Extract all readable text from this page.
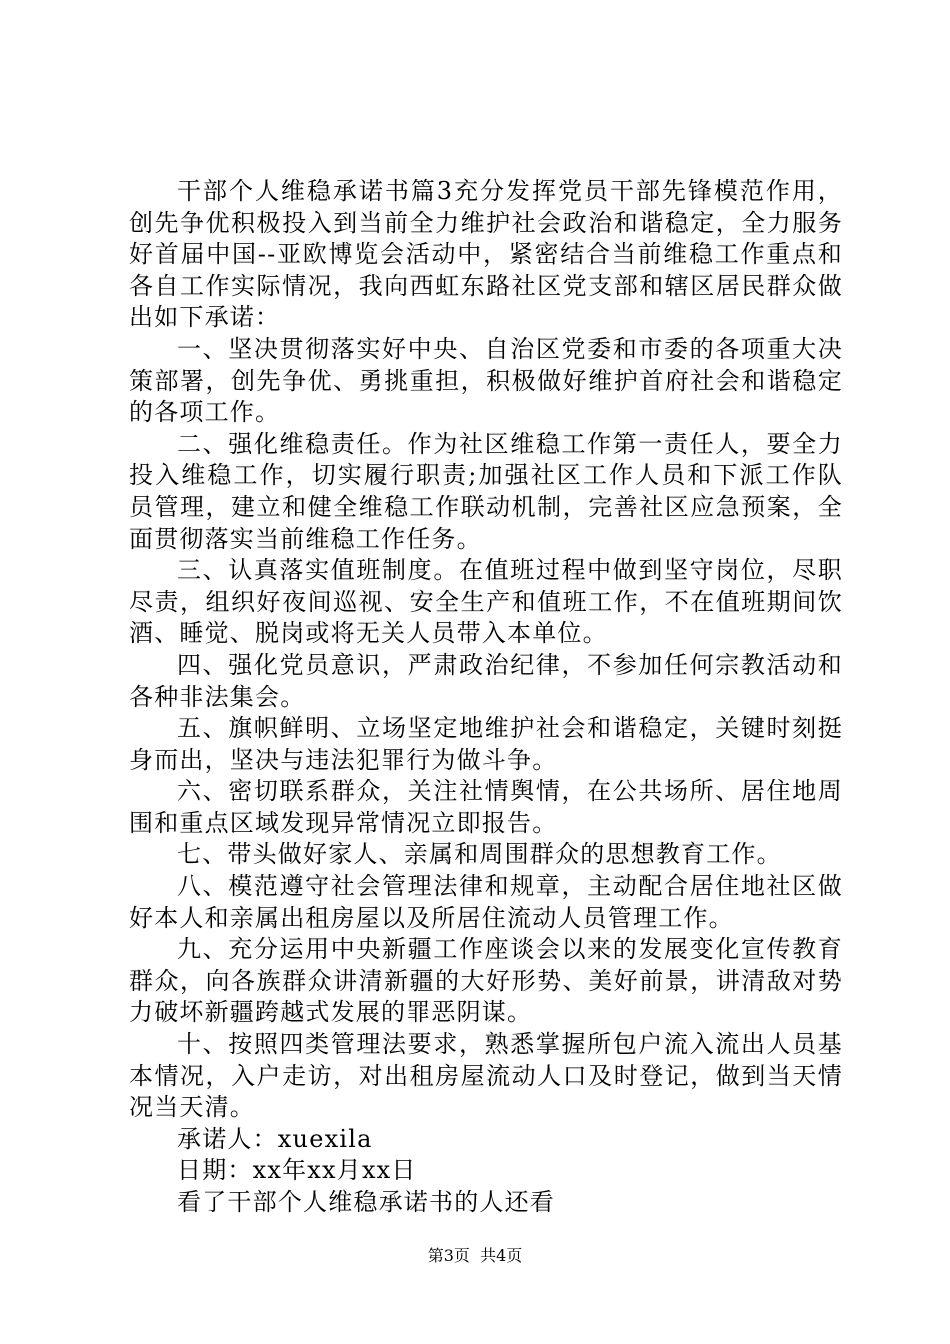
干部个人维稳承诺书篇3充分发挥党员干部先锋模范作用，创先争优积极投入到当前全力维护社会政治和谐稳定，全力服务好首届中国--亚欧博览会活动中，紧密结合当前维稳工作重点和各自工作实际情况，我向西虹东路社区党支部和辖区居民群众做出如下承诺：

一、坚决贯彻落实好中央、自治区党委和市委的各项重大决策部署，创先争优、勇挑重担，积极做好维护首府社会和谐稳定的各项工作。

二、强化维稳责任。作为社区维稳工作第一责任人，要全力投入维稳工作，切实履行职责;加强社区工作人员和下派工作队员管理，建立和健全维稳工作联动机制，完善社区应急预案，全面贯彻落实当前维稳工作任务。

三、认真落实值班制度。在值班过程中做到坚守岗位，尽职尽责，组织好夜间巡视、安全生产和值班工作，不在值班期间饮酒、睡觉、脱岗或将无关人员带入本单位。

四、强化党员意识，严肃政治纪律，不参加任何宗教活动和各种非法集会。

五、旗帜鲜明、立场坚定地维护社会和谐稳定，关键时刻挺身而出，坚决与违法犯罪行为做斗争。

六、密切联系群众，关注社情舆情，在公共场所、居住地周围和重点区域发现异常情况立即报告。

七、带头做好家人、亲属和周围群众的思想教育工作。

八、模范遵守社会管理法律和规章，主动配合居住地社区做好本人和亲属出租房屋以及所居住流动人员管理工作。

九、充分运用中央新疆工作座谈会以来的发展变化宣传教育群众，向各族群众讲清新疆的大好形势、美好前景，讲清敌对势力破坏新疆跨越式发展的罪恶阴谋。

十、按照四类管理法要求，熟悉掌握所包户流入流出人员基本情况，入户走访，对出租房屋流动人口及时登记，做到当天情况当天清。

承诺人：xuexila

日期：xx年xx月xx日

看了干部个人维稳承诺书的人还看

第3页  共4页
